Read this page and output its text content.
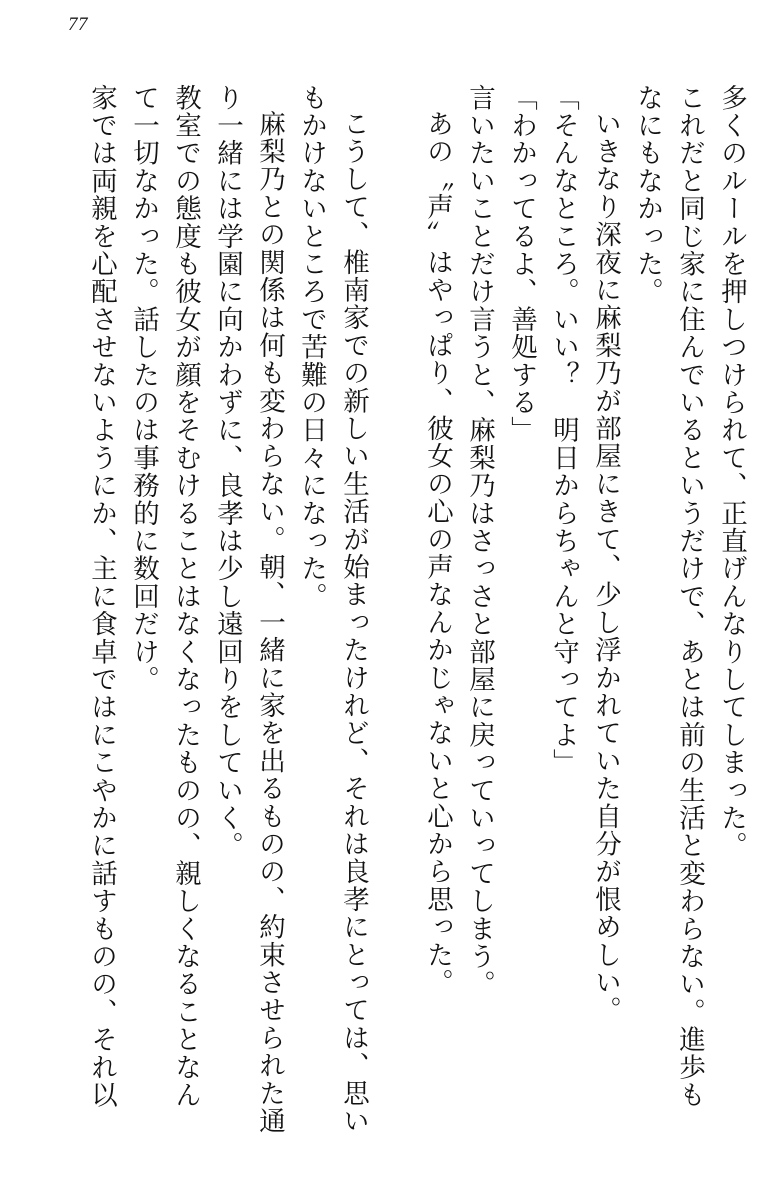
77
多くのルールを押しつけられて、正直げんなりしてしまった。
これだと同じ家に住んでいるというだけで、あとは前の生活と変わらない。進歩も
なにもなかった。
いきなり深夜に麻梨乃が部屋にきて、少し浮かれていた自分が恨めしい。
「そんなところ。いい？　明日からちゃんと守ってよ」
「わかってるよ、善処する」
言いたいことだけ言うと、麻梨乃はさっさと部屋に戻っていってしまう。
あの〝声〟はやっぱり、彼女の心の声なんかじゃないと心から思った。
こうして、椎南家での新しい生活が始まったけれど、それは良孝にとっては、思い
もかけないところで苦難の日々になった。
麻梨乃との関係は何も変わらない。朝、一緒に家を出るものの、約束させられた通
り一緒には学園に向かわずに、良孝は少し遠回りをしていく。
教室での態度も彼女が顔をそむけることはなくなったものの、親しくなることなん
て一切なかった。話したのは事務的に数回だけ。
家では両親を心配させないようにか、主に食卓ではにこやかに話すものの、それ以
